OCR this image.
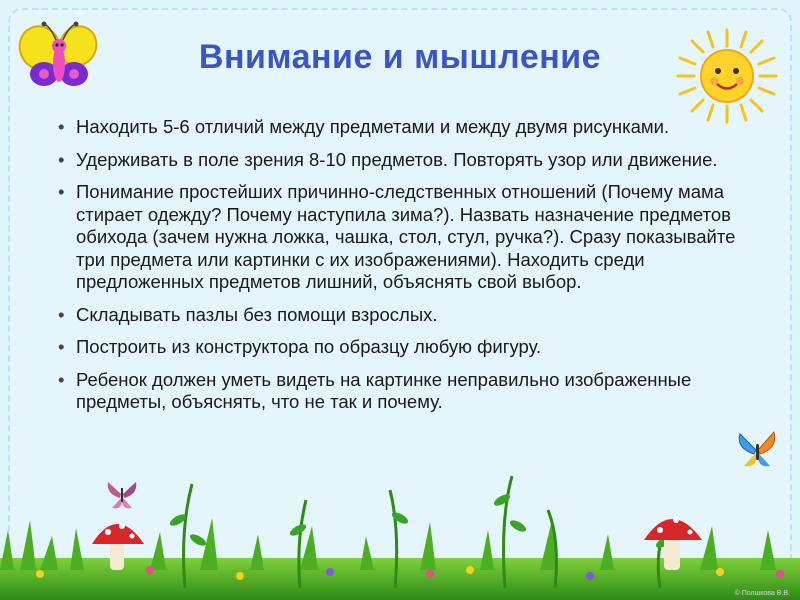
Внимание и мышление
• Находить 5-6 отличий между предметами и между двумя рисунками.
• Удерживать в поле зрения 8-10 предметов. Повторять узор или движение.
• Понимание простейших причинно-следственных отношений (Почему мама стирает одежду? Почему наступила зима?). Назвать назначение предметов обихода (зачем нужна ложка, чашка, стол, стул, ручка?). Сразу показывайте три предмета или картинки с их изображениями). Находить среди предложенных предметов лишний, объяснять свой выбор.
• Складывать пазлы без помощи взрослых.
• Построить из конструктора по образцу любую фигуру.
• Ребенок должен уметь видеть на картинке неправильно изображенные предметы, объяснять, что не так и почему.
© Полшкова В.В.
